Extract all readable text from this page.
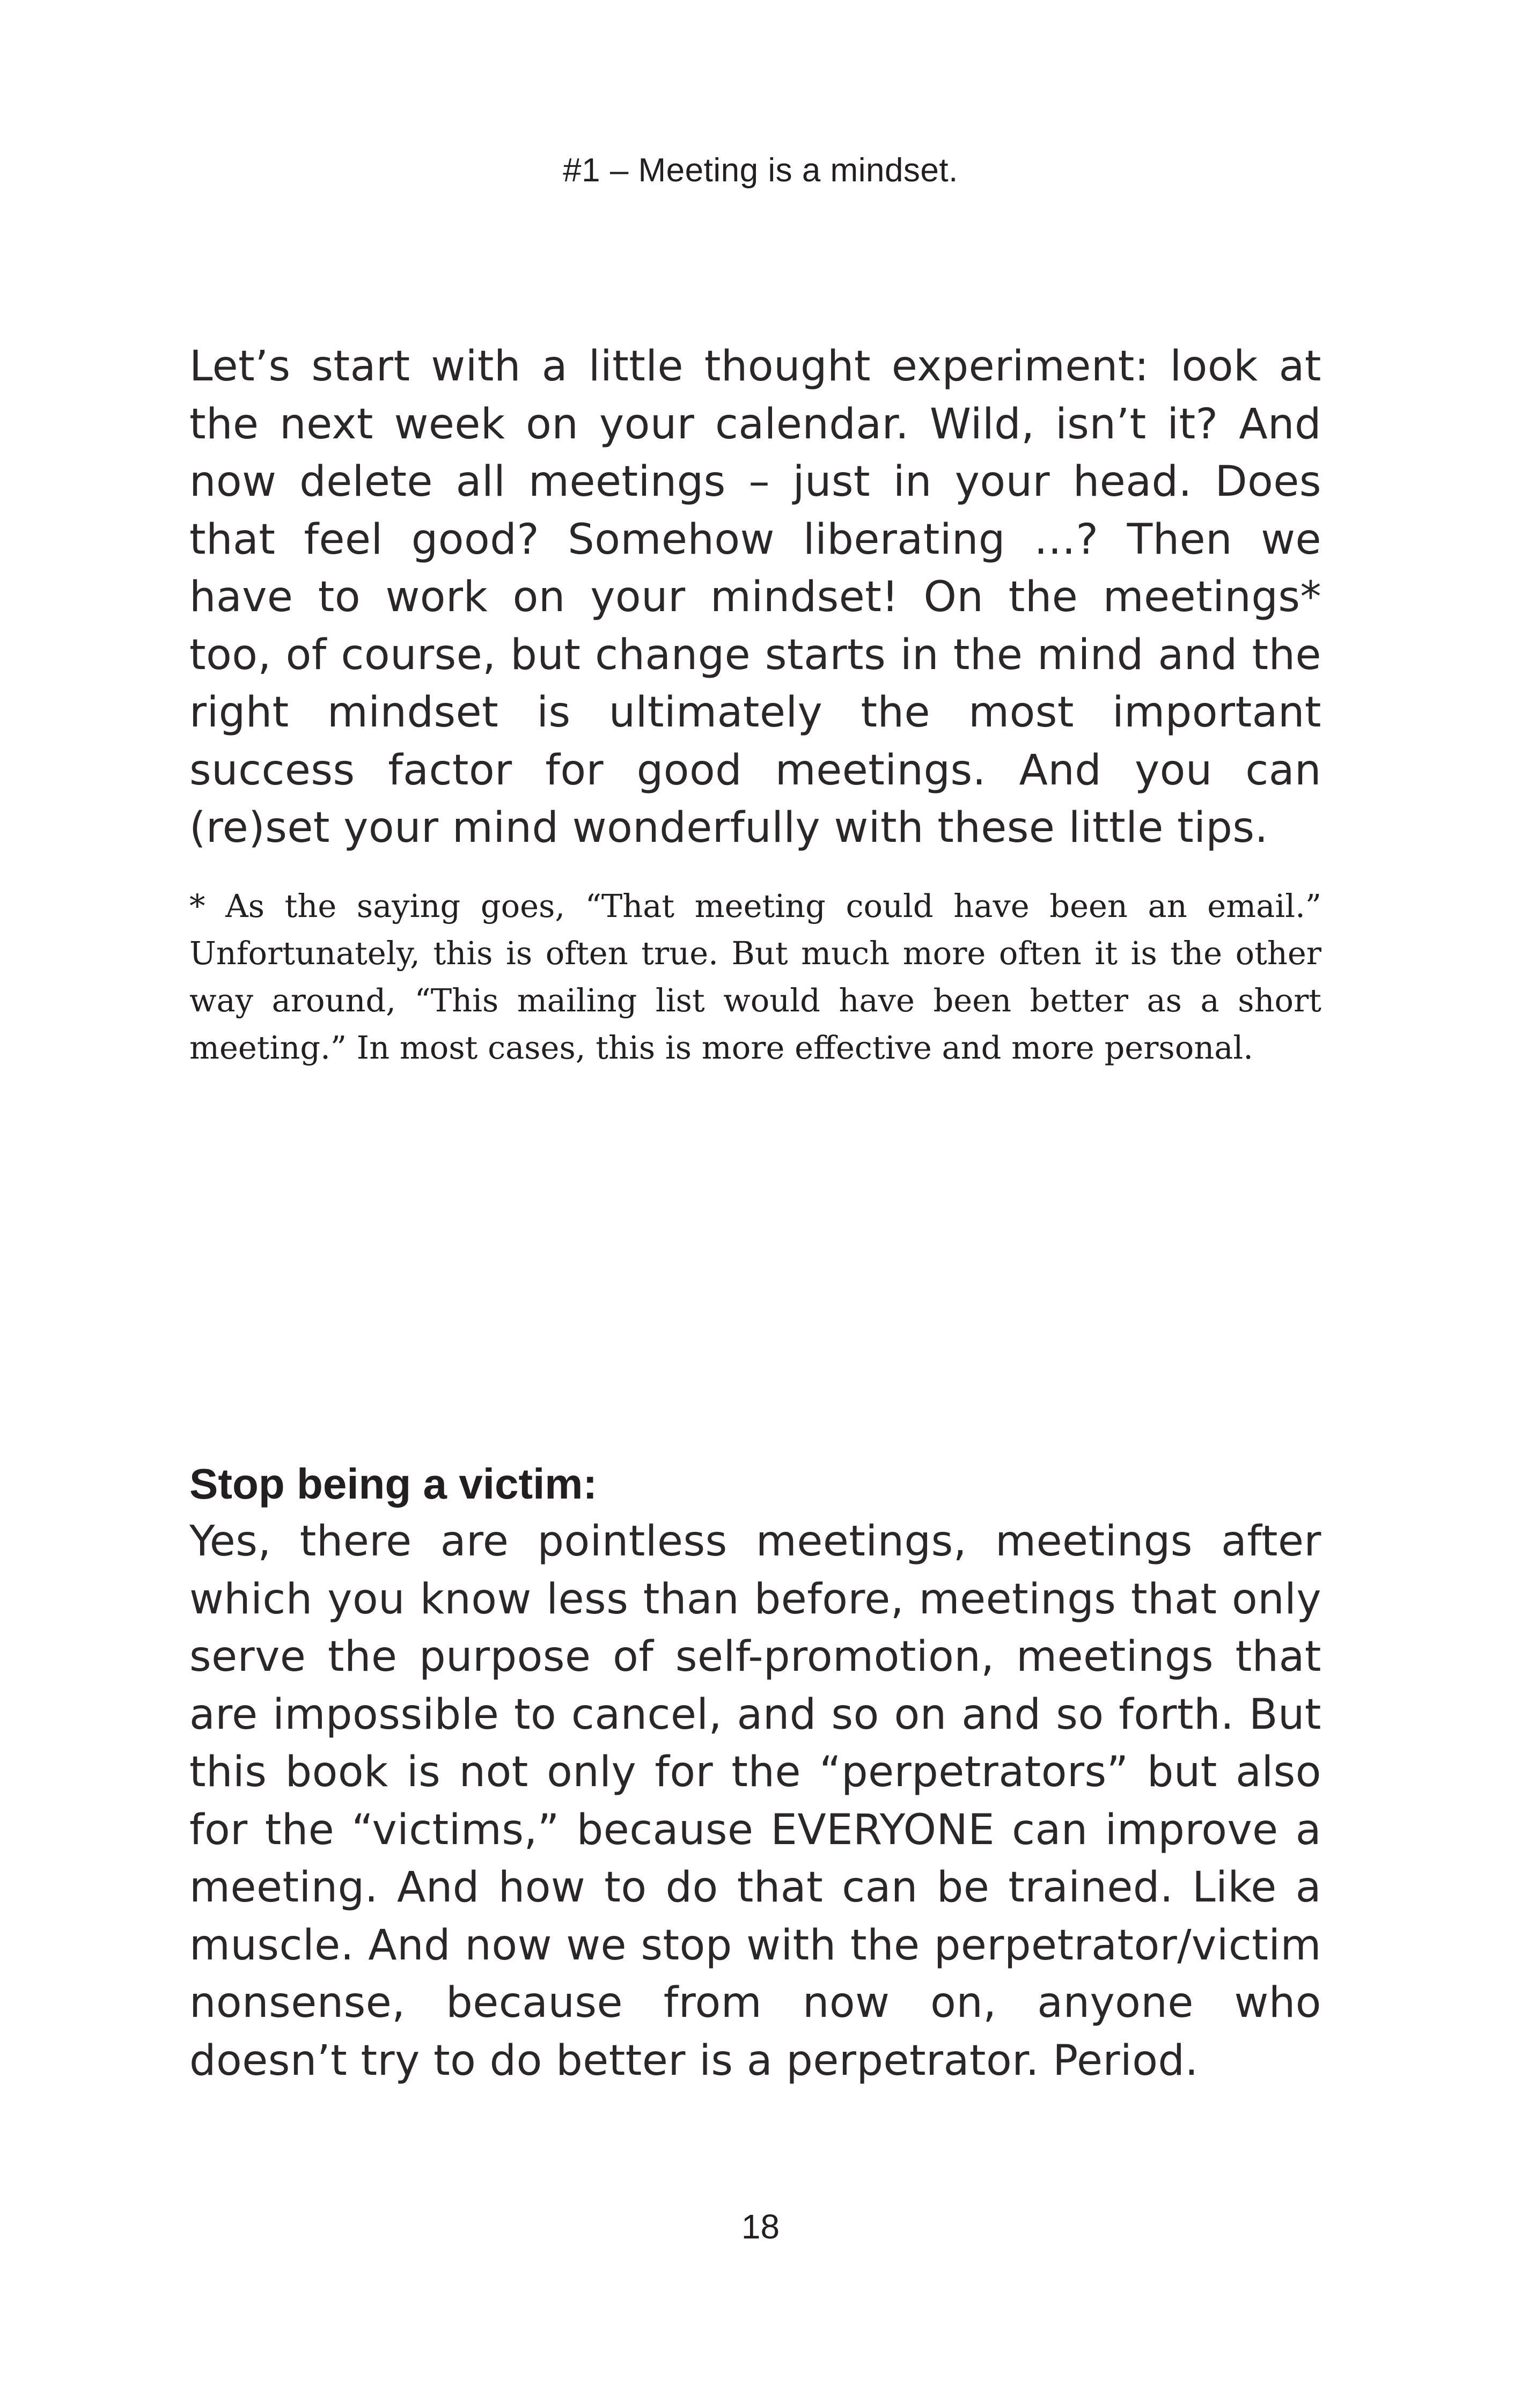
#1 – Meeting is a mindset.

Let’s start with a little thought experiment: look at the next week on your calendar. Wild, isn’t it? And now delete all meetings – just in your head. Does that feel good? Somehow liberating …? Then we have to work on your mindset! On the meetings* too, of course, but change starts in the mind and the right mindset is ultimately the most important success factor for good meetings. And you can (re)set your mind wonderfully with these little tips.

* As the saying goes, “That meeting could have been an email.” Unfortunately, this is often true. But much more often it is the other way around, “This mailing list would have been better as a short meeting.” In most cases, this is more effective and more personal.

Stop being a victim:

Yes, there are pointless meetings, meetings after which you know less than before, meetings that only serve the purpose of self-promotion, meetings that are impossible to cancel, and so on and so forth. But this book is not only for the “perpetrators” but also for the “victims,” because EVERYONE can improve a meeting. And how to do that can be trained. Like a muscle. And now we stop with the perpetrator/victim nonsense, because from now on, anyone who doesn’t try to do better is a perpetrator. Period.

18
